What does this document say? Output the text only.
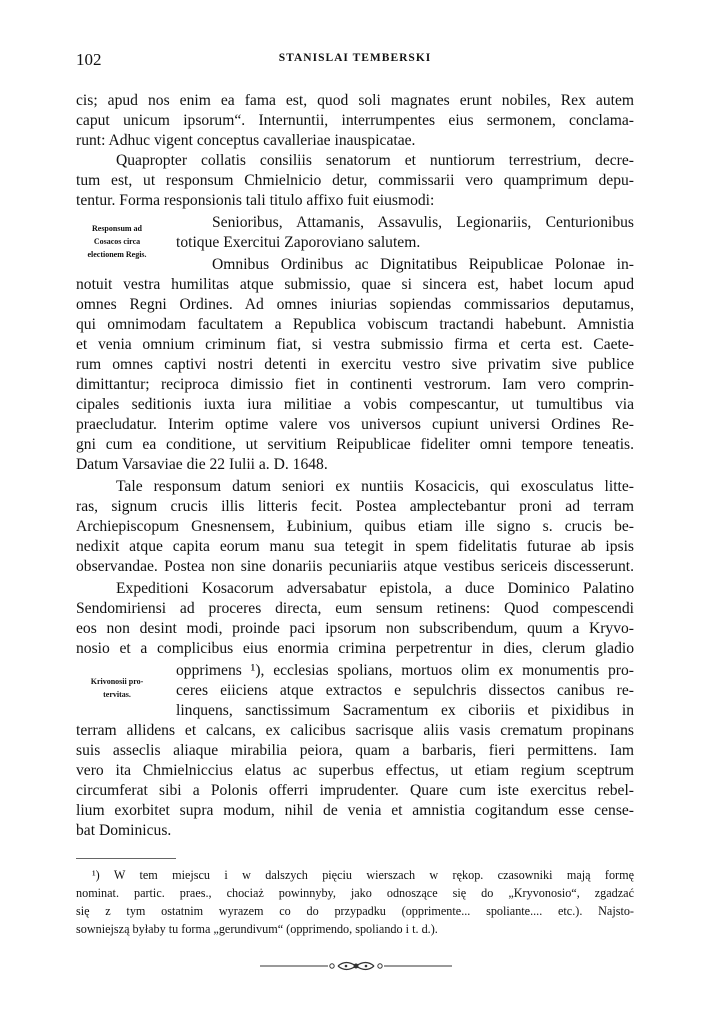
102	STANISLAI TEMBERSKI
Responsum ad
Cosacos circa
electionem Regis.
Krivonosii pro-
tervitas.
cis; apud nos enim ea fama est, quod soli magnates erunt nobiles, Rex autem
caput unicum ipsorum“. Internuntii, interrumpentes eius sermonem, conclama-
runt: Adhuc vigent conceptus cavalleriae inauspicatae.
Quapropter collatis consiliis senatorum et nuntiorum terrestrium, decre-
tum est, ut responsum Chmielnicio detur, commissarii vero quamprimum depu-
tentur. Forma responsionis tali titulo affixo fuit eiusmodi:
Senioribus, Attamanis, Assavulis, Legionariis, Centurionibus
totique Exercitui Zaporoviano salutem.
Omnibus Ordinibus ac Dignitatibus Reipublicae Polonae in-
notuit vestra humilitas atque submissio, quae si sincera est, habet locum apud
omnes Regni Ordines. Ad omnes iniurias sopiendas commissarios deputamus,
qui omnimodam facultatem a Republica vobiscum tractandi habebunt. Amnistia
et venia omnium criminum fiat, si vestra submissio firma et certa est. Caete-
rum omnes captivi nostri detenti in exercitu vestro sive privatim sive publice
dimittantur; reciproca dimissio fiet in continenti vestrorum. Iam vero comprin-
cipales seditionis iuxta iura militiae a vobis compescantur, ut tumultibus via
praecludatur. Interim optime valere vos universos cupiunt universi Ordines Re-
gni cum ea conditione, ut servitium Reipublicae fideliter omni tempore teneatis.
Datum Varsaviae die 22 Iulii a. D. 1648.
Tale responsum datum seniori ex nuntiis Kosacicis, qui exosculatus litte-
ras, signum crucis illis litteris fecit. Postea amplectebantur proni ad terram
Archiepiscopum Gnesnensem, Łubinium, quibus etiam ille signo s. crucis be-
nedixit atque capita eorum manu sua tetegit in spem fidelitatis futurae ab ipsis
observandae. Postea non sine donariis pecuniariis atque vestibus sericeis discesserunt.
Expeditioni Kosacorum adversabatur epistola, a duce Dominico Palatino
Sendomiriensi ad proceres directa, eum sensum retinens: Quod compescendi
eos non desint modi, proinde paci ipsorum non subscribendum, quum a Kryvo-
nosio et a complicibus eius enormia crimina perpetrentur in dies, clerum gladio
opprimens ¹), ecclesias spolians, mortuos olim ex monumentis pro-
ceres eiiciens atque extractos e sepulchris dissectos canibus re-
linquens, sanctissimum Sacramentum ex ciboriis et pixidibus in
terram allidens et calcans, ex calicibus sacrisque aliis vasis crematum propinans
suis asseclis aliaque mirabilia peiora, quam a barbaris, fieri permittens. Iam
vero ita Chmielniccius elatus ac superbus effectus, ut etiam regium sceptrum
circumferat sibi a Polonis offerri imprudenter. Quare cum iste exercitus rebel-
lium exorbitet supra modum, nihil de venia et amnistia cogitandum esse cense-
bat Dominicus.
¹) W tem miejscu i w dalszych pięciu wierszach w rękop. czasowniki mają formę
nominat. partic. praes., chociaż powinnyby, jako odnoszące się do „Kryvonosio“, zgadzać
się z tym ostatnim wyrazem co do przypadku (opprimente... spoliante.... etc.). Najsto-
sowniejszą byłaby tu forma „gerundivum“ (opprimendo, spoliando i t. d.).
